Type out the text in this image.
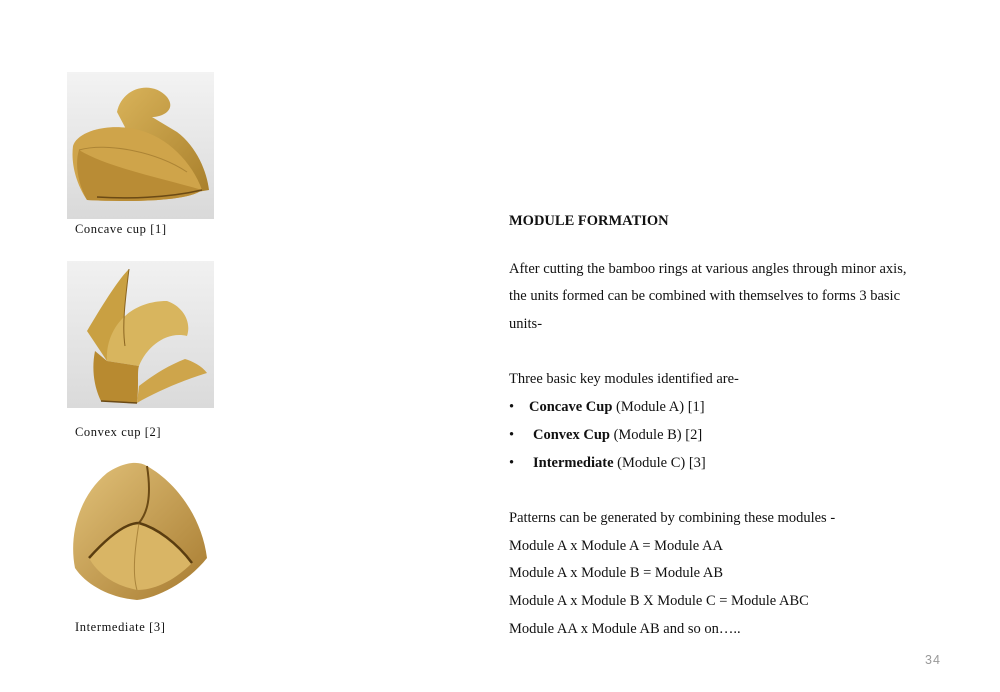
Concave cup [1]
Convex cup [2]
Intermediate [3]
MODULE FORMATION
After cutting the bamboo rings at various angles through minor axis,
the units formed can be combined with themselves to forms 3 basic
units-
Three basic key modules identified are-
• Concave Cup (Module A) [1]
• Convex Cup (Module B) [2]
• Intermediate (Module C) [3]
Patterns can be generated by combining these modules -
Module A x Module A = Module AA
Module A x Module B = Module AB
Module A x Module B X Module C = Module ABC
Module AA x Module AB and so on…..
34
